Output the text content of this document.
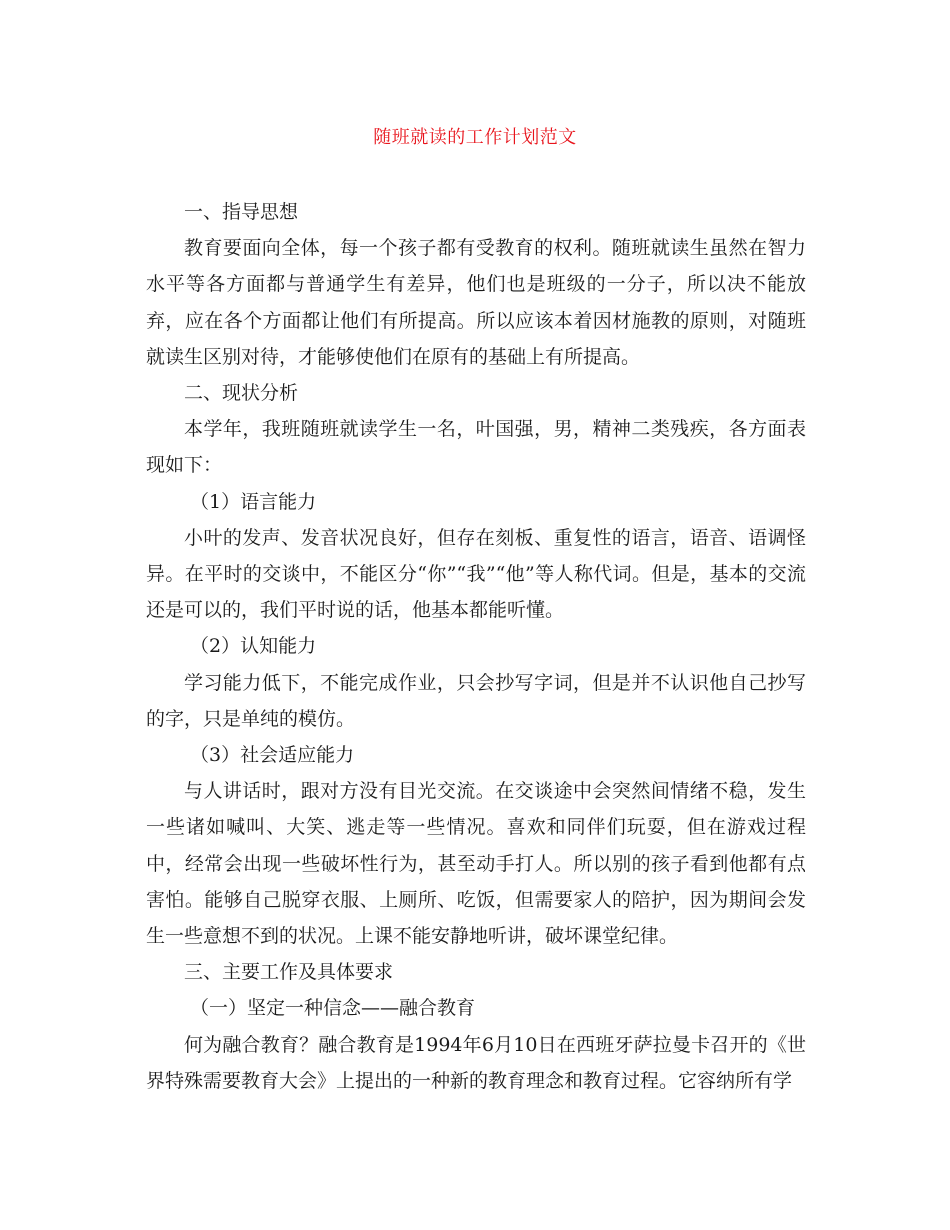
随班就读的工作计划范文

一、指导思想

教育要面向全体，每一个孩子都有受教育的权利。随班就读生虽然在智力水平等各方面都与普通学生有差异，他们也是班级的一分子，所以决不能放弃，应在各个方面都让他们有所提高。所以应该本着因材施教的原则，对随班就读生区别对待，才能够使他们在原有的基础上有所提高。

二、现状分析

本学年，我班随班就读学生一名，叶国强，男，精神二类残疾，各方面表现如下：

（1）语言能力

小叶的发声、发音状况良好，但存在刻板、重复性的语言，语音、语调怪异。在平时的交谈中，不能区分“你”“我”“他”等人称代词。但是，基本的交流还是可以的，我们平时说的话，他基本都能听懂。

（2）认知能力

学习能力低下，不能完成作业，只会抄写字词，但是并不认识他自己抄写的字，只是单纯的模仿。

（3）社会适应能力

与人讲话时，跟对方没有目光交流。在交谈途中会突然间情绪不稳，发生一些诸如喊叫、大笑、逃走等一些情况。喜欢和同伴们玩耍，但在游戏过程中，经常会出现一些破坏性行为，甚至动手打人。所以别的孩子看到他都有点害怕。能够自己脱穿衣服、上厕所、吃饭，但需要家人的陪护，因为期间会发生一些意想不到的状况。上课不能安静地听讲，破坏课堂纪律。

三、主要工作及具体要求

（一）坚定一种信念——融合教育

何为融合教育？融合教育是1994年6月10日在西班牙萨拉曼卡召开的《世界特殊需要教育大会》上提出的一种新的教育理念和教育过程。它容纳所有学
